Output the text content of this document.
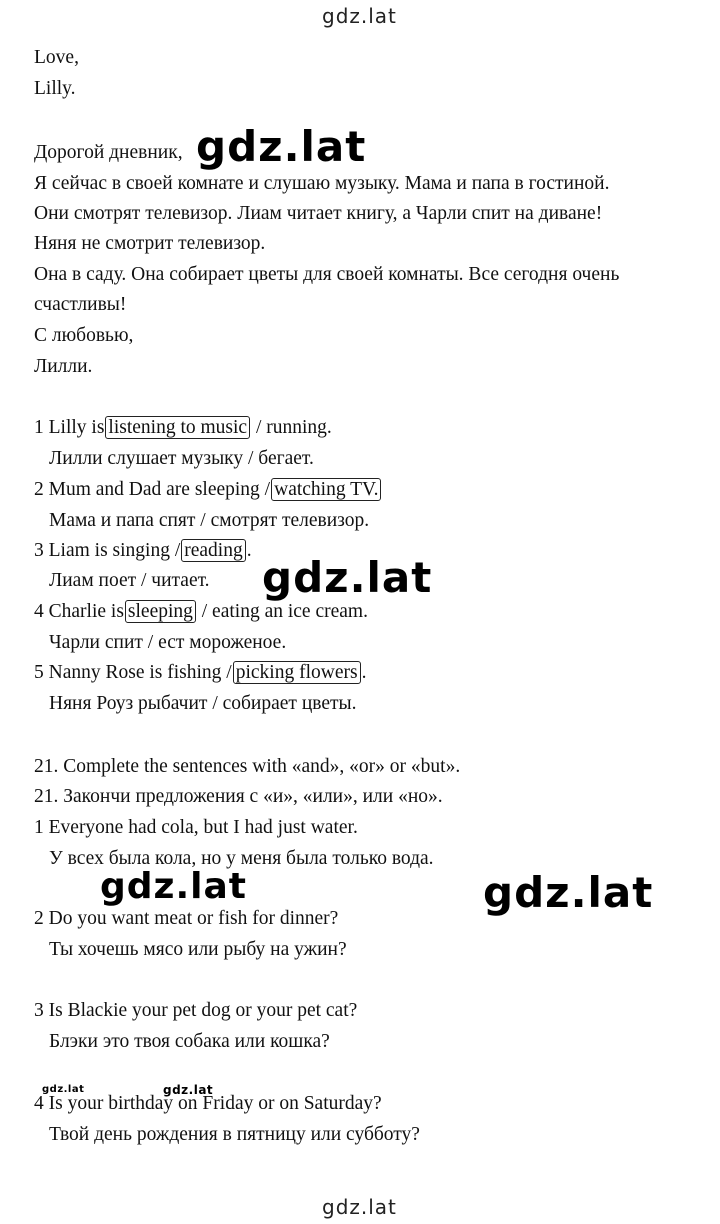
gdz.lat
Love,
Lilly.
Дорогой дневник, gdz.lat
Я сейчас в своей комнате и слушаю музыку. Мама и папа в гостиной.
Они смотрят телевизор. Лиам читает книгу, а Чарли спит на диване!
Няня не смотрит телевизор.
Она в саду. Она собирает цветы для своей комнаты. Все сегодня очень
счастливы!
С любовью,
Лилли.
1 Lilly is listening to music / running.
Лилли слушает музыку / бегает.
2 Mum and Dad are sleeping / watching TV.
Мама и папа спят / смотрят телевизор.
3 Liam is singing / reading .
Лиам поет / читает. gdz.lat
4 Charlie is sleeping / eating an ice cream.
Чарли спит / ест мороженое.
5 Nanny Rose is fishing / picking flowers .
Няня Роуз рыбачит / собирает цветы.
21. Complete the sentences with «and», «or» or «but».
21. Закончи предложения с «и», «или», или «но».
1 Everyone had cola, but I had just water.
У всех была кола, но у меня была только вода.
gdz.lat	gdz.lat
2 Do you want meat or fish for dinner?
Ты хочешь мясо или рыбу на ужин?
3 Is Blackie your pet dog or your pet cat?
Блэки это твоя собака или кошка?
gdz.lat	gdz.lat
4 Is your birthday on Friday or on Saturday?
Твой день рождения в пятницу или субботу?
gdz.lat
